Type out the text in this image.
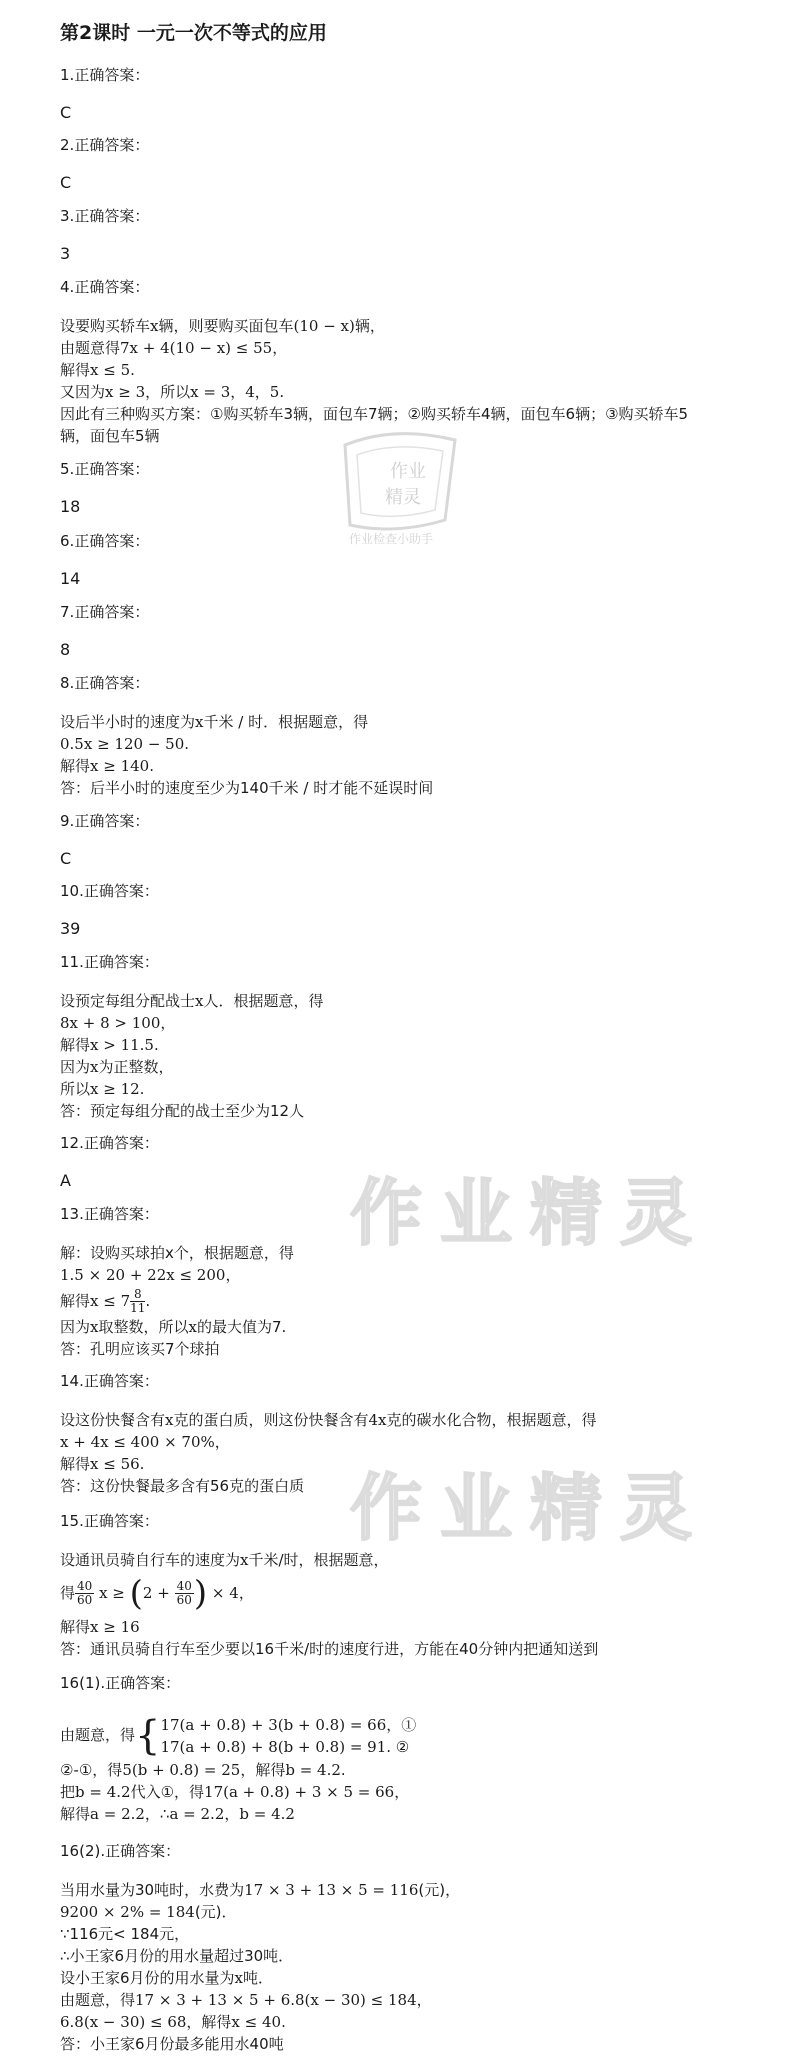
第2课时 一元一次不等式的应用
作业
精灵
作业检查小助手
作业精灵
作业精灵
1.正确答案：
C
2.正确答案：
C
3.正确答案：
3
4.正确答案：

设要购买轿车x辆，则要购买面包车(10 − x)辆，

由题意得7x + 4(10 − x) ≤ 55，

解得x ≤ 5.

又因为x ≥ 3，所以x = 3，4，5.

因此有三种购买方案：①购买轿车3辆，面包车7辆；②购买轿车4辆，面包车6辆；③购买轿车5

辆，面包车5辆

5.正确答案：
18
6.正确答案：
14
7.正确答案：
8
8.正确答案：

设后半小时的速度为x千米 / 时．根据题意，得

0.5x ≥ 120 − 50.

解得x ≥ 140.

答：后半小时的速度至少为140千米 / 时才能不延误时间

9.正确答案：
C
10.正确答案：
39
11.正确答案：

设预定每组分配战士x人．根据题意，得

8x + 8 > 100，

解得x > 11.5.

因为x为正整数，

所以x ≥ 12.

答：预定每组分配的战士至少为12人

12.正确答案：
A
13.正确答案：

解：设购买球拍x个，根据题意，得

1.5 × 20 + 22x ≤ 200，

解得$x \le 7 \frac{8}{11}$ .

因为x取整数，所以x的最大值为7.

答：孔明应该买7个球拍

14.正确答案：

设这份快餐含有x克的蛋白质，则这份快餐含有4x克的碳水化合物，根据题意，得

x + 4x ≤ 400 × 70%，

解得x ≤ 56.

答：这份快餐最多含有56克的蛋白质

15.正确答案：

设通讯员骑自行车的速度为x千米/时，根据题意，

得 $\frac{40}{60}$ $x \ge (2 + \frac{40}{60}$ ) × 4，

解得x ≥ 16

答：通讯员骑自行车至少要以16千米/时的速度行进，方能在40分钟内把通知送到

16(1).正确答案：

由题意，得{ 17(a + 0.8) + 3(b + 0.8) = 66，①
17(a + 0.8) + 8(b + 0.8) = 91. ②

②-①，得5(b + 0.8) = 25，解得b = 4.2.

把b = 4.2代入①，得17(a + 0.8) + 3 × 5 = 66，

解得a = 2.2，∴a = 2.2，b = 4.2

16(2).正确答案：

当用水量为30吨时，水费为17 × 3 + 13 × 5 = 116(元)，

9200 × 2% = 184(元)．

∵116元< 184元，

∴小王家6月份的用水量超过30吨．

设小王家6月份的用水量为x吨．

由题意，得17 × 3 + 13 × 5 + 6.8(x − 30) ≤ 184，

6.8(x − 30) ≤ 68，解得x ≤ 40.

答：小王家6月份最多能用水40吨
